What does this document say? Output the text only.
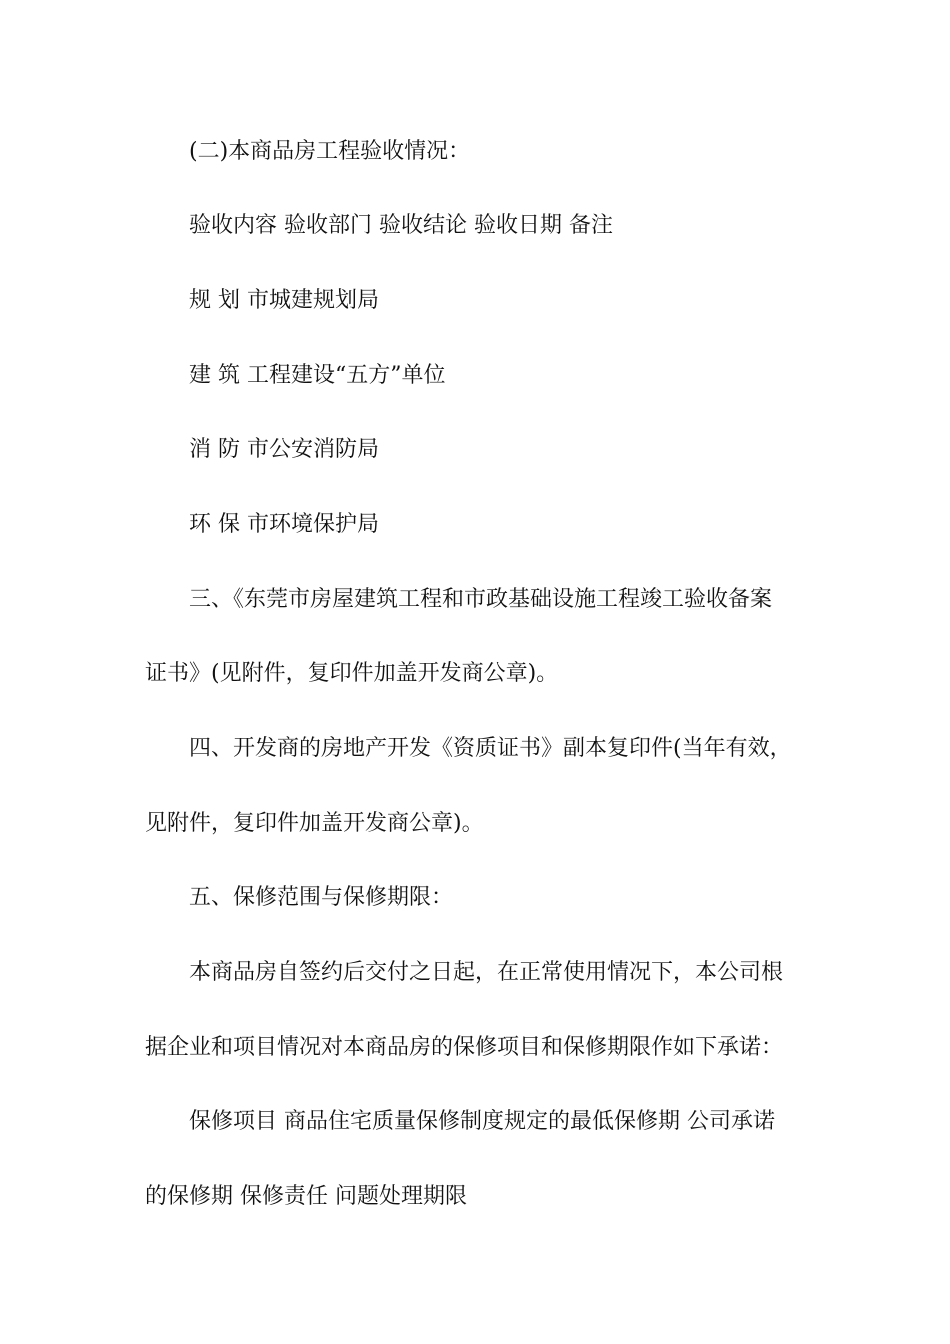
(二)本商品房工程验收情况：
验收内容 验收部门 验收结论 验收日期 备注
规 划 市城建规划局
建 筑 工程建设“五方”单位
消 防 市公安消防局
环 保 市环境保护局
三、《东莞市房屋建筑工程和市政基础设施工程竣工验收备案
证书》(见附件，复印件加盖开发商公章)。
四、开发商的房地产开发《资质证书》副本复印件(当年有效，
见附件，复印件加盖开发商公章)。
五、保修范围与保修期限：
本商品房自签约后交付之日起，在正常使用情况下，本公司根
据企业和项目情况对本商品房的保修项目和保修期限作如下承诺：
保修项目 商品住宅质量保修制度规定的最低保修期 公司承诺
的保修期 保修责任 问题处理期限
